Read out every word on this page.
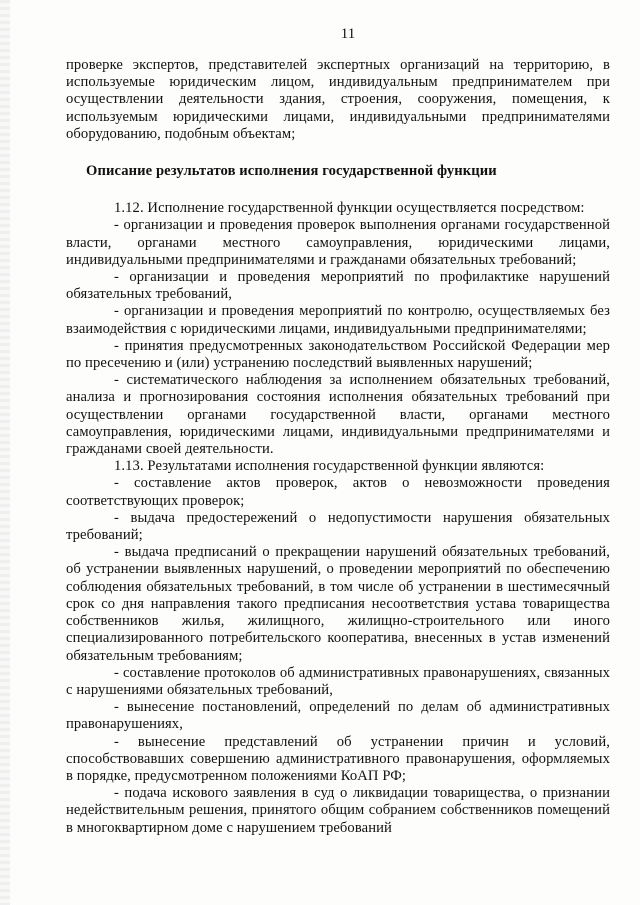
11

проверке экспертов, представителей экспертных организаций на территорию, в используемые юридическим лицом, индивидуальным предпринимателем при осуществлении деятельности здания, строения, сооружения, помещения, к используемым юридическими лицами, индивидуальными предпринимателями оборудованию, подобным объектам;

Описание результатов исполнения государственной функции

1.12. Исполнение государственной функции осуществляется посредством:

- организации и проведения проверок выполнения органами государственной власти, органами местного самоуправления, юридическими лицами, индивидуальными предпринимателями и гражданами обязательных требований;

- организации и проведения мероприятий по профилактике нарушений обязательных требований,

- организации и проведения мероприятий по контролю, осуществляемых без взаимодействия с юридическими лицами, индивидуальными предпринимателями;

- принятия предусмотренных законодательством Российской Федерации мер по пресечению и (или) устранению последствий выявленных нарушений;

- систематического наблюдения за исполнением обязательных требований, анализа и прогнозирования состояния исполнения обязательных требований при осуществлении органами государственной власти, органами местного самоуправления, юридическими лицами, индивидуальными предпринимателями и гражданами своей деятельности.

1.13. Результатами исполнения государственной функции являются:

- составление актов проверок, актов о невозможности проведения соответствующих проверок;

- выдача предостережений о недопустимости нарушения обязательных требований;

- выдача предписаний о прекращении нарушений обязательных требований, об устранении выявленных нарушений, о проведении мероприятий по обеспечению соблюдения обязательных требований, в том числе об устранении в шестимесячный срок со дня направления такого предписания несоответствия устава товарищества собственников жилья, жилищного, жилищно-строительного или иного специализированного потребительского кооператива, внесенных в устав изменений обязательным требованиям;

- составление протоколов об административных правонарушениях, связанных с нарушениями обязательных требований,

- вынесение постановлений, определений по делам об административных правонарушениях,

- вынесение представлений об устранении причин и условий, способствовавших совершению административного правонарушения, оформляемых в порядке, предусмотренном положениями КоАП РФ;

- подача искового заявления в суд о ликвидации товарищества, о признании недействительным решения, принятого общим собранием собственников помещений в многоквартирном доме с нарушением требований
